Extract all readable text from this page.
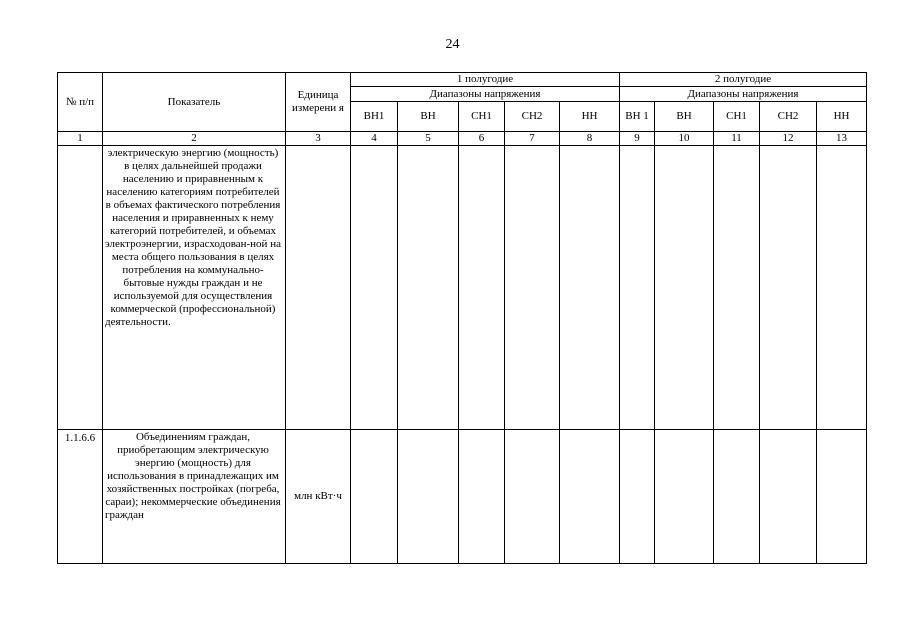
24
№ п/п	Показатель	Единица измерени я	1 полугодие					2 полугодие				
			Диапазоны напряжения					Диапазоны напряжения				
			ВН1	ВН	СН1	СН2	НН	ВН 1	ВН	СН1	СН2	НН
1	2	3	4	5	6	7	8	9	10	11	12	13
	электрическую энергию (мощность) в целях дальнейшей продажи населению и приравненным к населению категориям потребителей в объемах фактического потребления населения и приравненных к нему категорий потребителей, и объемах электроэнергии, израсходован-ной на места общего пользования в целях потребления на коммунально-бытовые нужды граждан и не используемой для осуществления коммерческой (профессиональной) деятельности.											
1.1.6.6	Объединениям граждан, приобретающим электрическую энергию (мощность) для использования в принадлежащих им хозяйственных постройках (погреба, сараи); некоммерческие объединения граждан	млн кВт·ч										
